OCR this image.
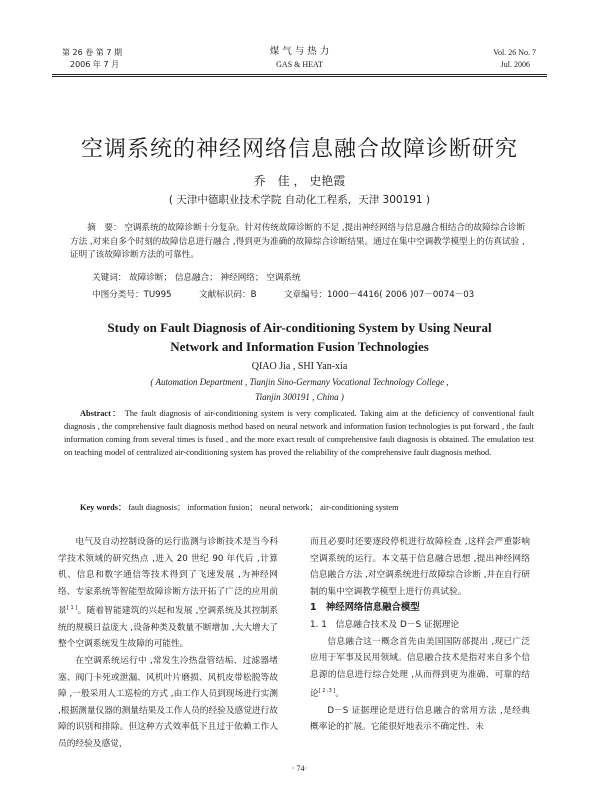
第 26 卷 第 7 期
2006 年 7 月
煤 气 与 热 力
GAS & HEAT
Vol. 26 No. 7
Jul. 2006
空调系统的神经网络信息融合故障诊断研究
乔　佳 ， 史艳霞
( 天津中德职业技术学院 自动化工程系，天津 300191 )

摘　要： 空调系统的故障诊断十分复杂。针对传统故障诊断的不足 ,提出神经网络与信息融合相结合的故障综合诊断方法 ,对来自多个时刻的故障信息进行融合 ,得到更为准确的故障综合诊断结果。通过在集中空调教学模型上的仿真试验 ,证明了该故障诊断方法的可靠性。

关键词： 故障诊断； 信息融合； 神经网络； 空调系统
中图分类号：TU995	文献标识码：B	文章编号：1000－4416( 2006 )07－0074－03
Study on Fault Diagnosis of Air-conditioning System by Using Neural
Network and Information Fusion Technologies
QIAO Jia , SHI Yan-xia
( Automation Department , Tianjin Sino-Germany Vocational Technology College ,
Tianjin 300191 , China )
Abstract： The fault diagnosis of air-conditioning system is very complicated. Taking aim at the deficiency of conventional fault diagnosis , the comprehensive fault diagnosis method based on neural network and information fusion technologies is put forward , the fault information coming from several times is fused , and the more exact result of comprehensive fault diagnosis is obtained. The emulation test on teaching model of centralized air-conditioning system has proved the reliability of the comprehensive fault diagnosis method.
Key words： fault diagnosis； information fusion； neural network； air-conditioning system

电气及自动控制设备的运行监测与诊断技术是当今科学技术领域的研究热点 ,进入 20 世纪 90 年代后 ,计算机、信息和数字通信等技术得到了飞速发展 ,为神经网络、专家系统等智能型故障诊断方法开拓了广泛的应用前景[ 1 ]。随着智能建筑的兴起和发展 ,空调系统及其控制系统的规模日益庞大 ,设备种类及数量不断增加 ,大大增大了整个空调系统发生故障的可能性。

在空调系统运行中 ,常发生冷热盘管结垢、过滤器堵塞、阀门卡死或泄漏、风机叶片磨损、风机皮带松脱等故障 ,一般采用人工巡检的方式 ,由工作人员到现场进行实测 ,根据测量仪器的测量结果及工作人员的经验及感觉进行故障的识别和排除。但这种方式效率低下且过于依赖工作人员的经验及感觉，

而且必要时还要逐段停机进行故障检查 ,这样会严重影响空调系统的运行。本文基于信息融合思想 ,提出神经网络信息融合方法 ,对空调系统进行故障综合诊断 ,并在自行研制的集中空调教学模型上进行仿真试验。

1　神经网络信息融合模型

1. 1　信息融合技术及 D－S 证据理论

信息融合这一概念首先由美国国防部提出 ,现已广泛应用于军事及民用领域。信息融合技术是指对来自多个信息源的信息进行综合处理 ,从而得到更为准确、可靠的结论[ 2 ,3 ]。

D－S 证据理论是进行信息融合的常用方法 ,是经典概率论的扩展。它能很好地表示不确定性、未

· 74·
